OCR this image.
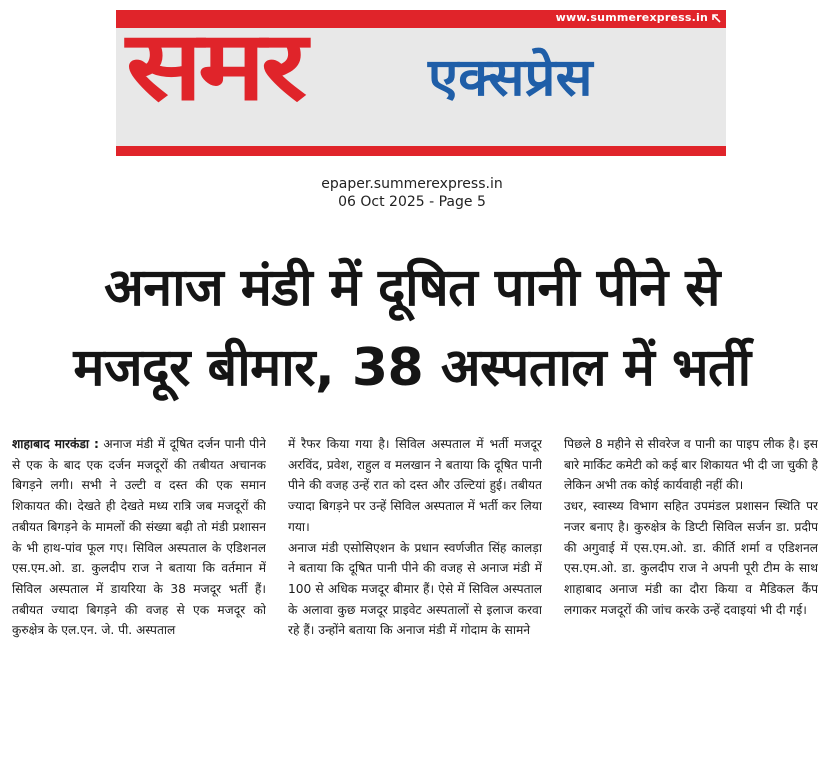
www.summerexpress.in
समर एक्सप्रेस
epaper.summerexpress.in
06 Oct 2025 - Page 5
अनाज मंडी में दूषित पानी पीने से
मजदूर बीमार, 38 अस्पताल में भर्ती

शाहाबाद मारकंडा : अनाज मंडी में दूषित दर्जन पानी पीने से एक के बाद एक दर्जन मजदूरों की तबीयत अचानक बिगड़ने लगी। सभी ने उल्टी व दस्त की एक समान शिकायत की। देखते ही देखते मध्य रात्रि जब मजदूरों की तबीयत बिगड़ने के मामलों की संख्या बढ़ी तो मंडी प्रशासन के भी हाथ-पांव फूल गए। सिविल अस्पताल के एडिशनल एस.एम.ओ. डा. कुलदीप राज ने बताया कि वर्तमान में सिविल अस्पताल में डायरिया के 38 मजदूर भर्ती हैं। तबीयत ज्यादा बिगड़ने की वजह से एक मजदूर को कुरुक्षेत्र के एल.एन. जे. पी. अस्पताल

में रैफर किया गया है। सिविल अस्पताल में भर्ती मजदूर अरविंद, प्रवेश, राहुल व मलखान ने बताया कि दूषित पानी पीने की वजह उन्हें रात को दस्त और उल्टियां हुई। तबीयत ज्यादा बिगड़ने पर उन्हें सिविल अस्पताल में भर्ती कर लिया गया।

अनाज मंडी एसोसिएशन के प्रधान स्वर्णजीत सिंह कालड़ा ने बताया कि दूषित पानी पीने की वजह से अनाज मंडी में 100 से अधिक मजदूर बीमार हैं। ऐसे में सिविल अस्पताल के अलावा कुछ मजदूर प्राइवेट अस्पतालों से इलाज करवा रहे हैं। उन्होंने बताया कि अनाज मंडी में गोदाम के सामने

पिछले 8 महीने से सीवरेज व पानी का पाइप लीक है। इस बारे मार्किट कमेटी को कई बार शिकायत भी दी जा चुकी है लेकिन अभी तक कोई कार्यवाही नहीं की।

उधर, स्वास्थ्य विभाग सहित उपमंडल प्रशासन स्थिति पर नजर बनाए है। कुरुक्षेत्र के डिप्टी सिविल सर्जन डा. प्रदीप की अगुवाई में एस.एम.ओ. डा. कीर्ति शर्मा व एडिशनल एस.एम.ओ. डा. कुलदीप राज ने अपनी पूरी टीम के साथ शाहाबाद अनाज मंडी का दौरा किया व मैडिकल कैंप लगाकर मजदूरों की जांच करके उन्हें दवाइयां भी दी गई।
